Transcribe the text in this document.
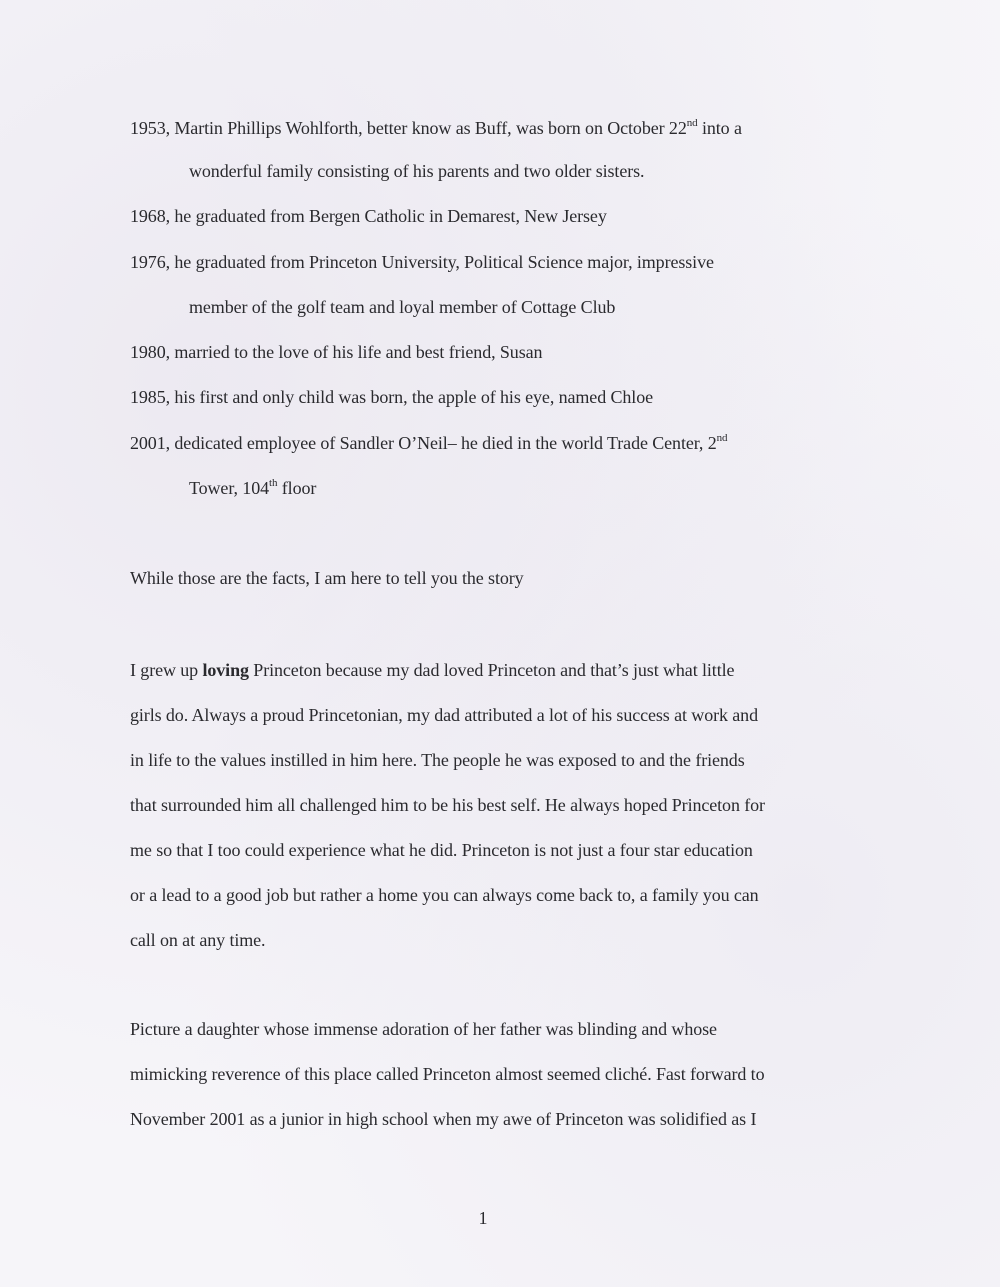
1953, Martin Phillips Wohlforth, better know as Buff, was born on October 22nd into a
wonderful family consisting of his parents and two older sisters.
1968, he graduated from Bergen Catholic in Demarest, New Jersey
1976, he graduated from Princeton University, Political Science major, impressive
member of the golf team and loyal member of Cottage Club
1980, married to the love of his life and best friend, Susan
1985, his first and only child was born, the apple of his eye, named Chloe
2001, dedicated employee of Sandler O’Neil– he died in the world Trade Center, 2nd
Tower, 104th floor
While those are the facts, I am here to tell you the story
I grew up loving Princeton because my dad loved Princeton and that’s just what little
girls do. Always a proud Princetonian, my dad attributed a lot of his success at work and
in life to the values instilled in him here. The people he was exposed to and the friends
that surrounded him all challenged him to be his best self. He always hoped Princeton for
me so that I too could experience what he did. Princeton is not just a four star education
or a lead to a good job but rather a home you can always come back to, a family you can
call on at any time.
Picture a daughter whose immense adoration of her father was blinding and whose
mimicking reverence of this place called Princeton almost seemed cliché. Fast forward to
November 2001 as a junior in high school when my awe of Princeton was solidified as I
1
